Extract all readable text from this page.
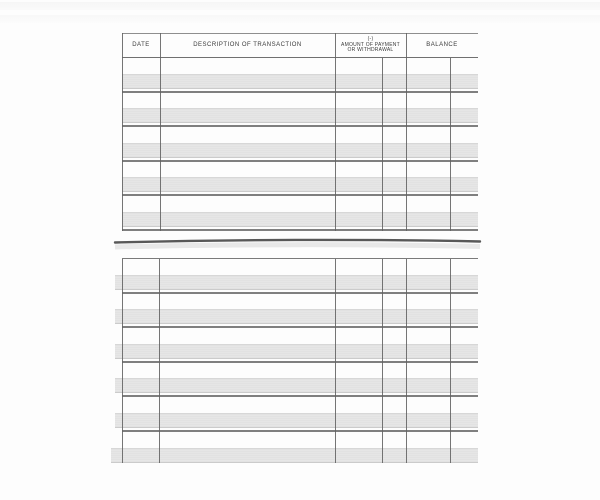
DATE	DESCRIPTION OF TRANSACTION
(-)
AMOUNT OF PAYMENT
OR WITHDRAWAL
BALANCE
